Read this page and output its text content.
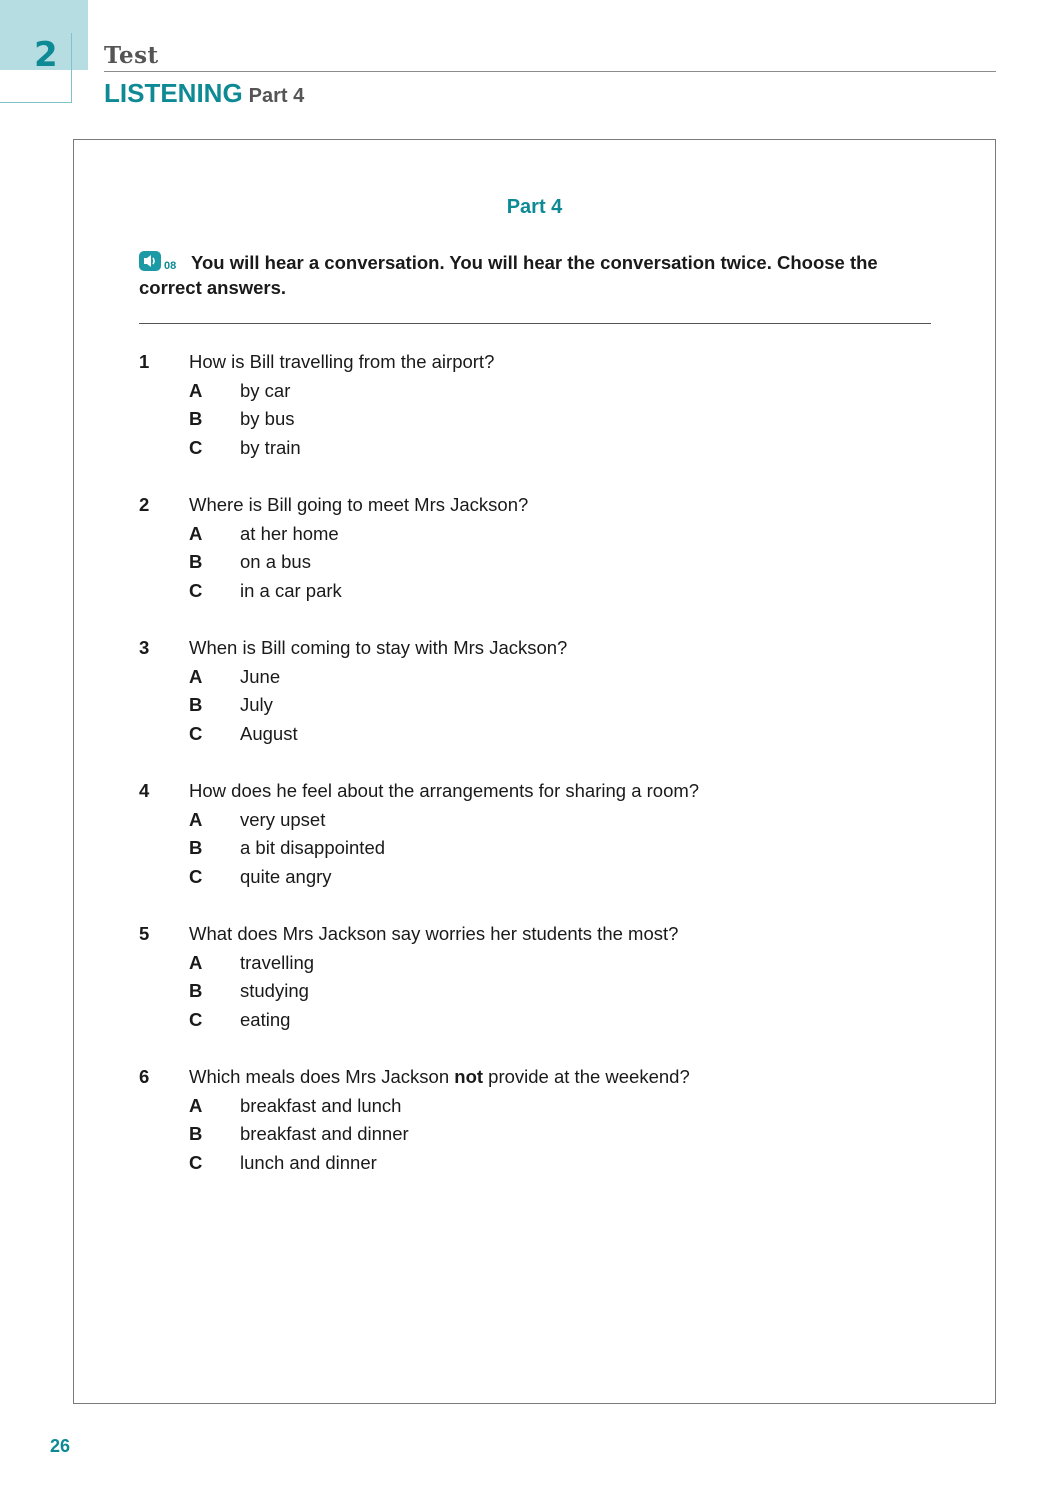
2 Test
LISTENING Part 4
Part 4
08 You will hear a conversation. You will hear the conversation twice. Choose the correct answers.
1 How is Bill travelling from the airport?
A by car
B by bus
C by train
2 Where is Bill going to meet Mrs Jackson?
A at her home
B on a bus
C in a car park
3 When is Bill coming to stay with Mrs Jackson?
A June
B July
C August
4 How does he feel about the arrangements for sharing a room?
A very upset
B a bit disappointed
C quite angry
5 What does Mrs Jackson say worries her students the most?
A travelling
B studying
C eating
6 Which meals does Mrs Jackson not provide at the weekend?
A breakfast and lunch
B breakfast and dinner
C lunch and dinner
26
